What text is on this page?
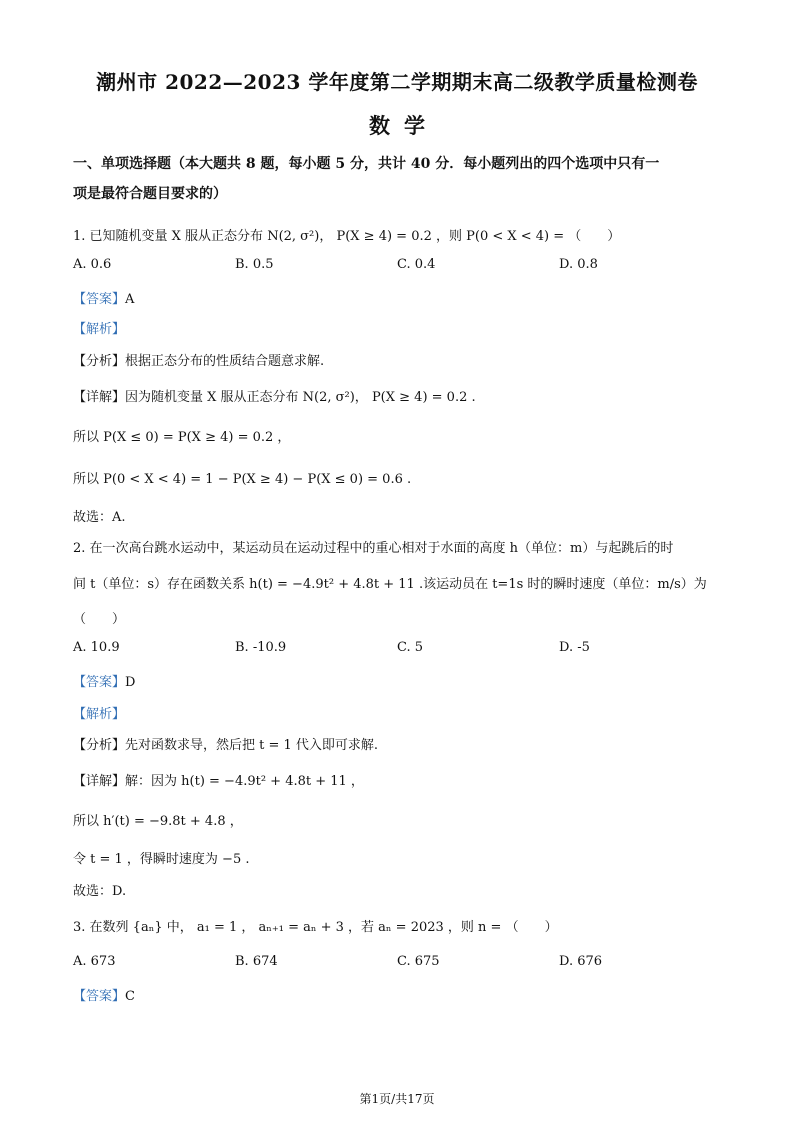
潮州市 2022—2023 学年度第二学期期末高二级教学质量检测卷
数学
一、单项选择题（本大题共 8 题，每小题 5 分，共计 40 分．每小题列出的四个选项中只有一
项是最符合题目要求的）
1. 已知随机变量 X 服从正态分布 N(2, σ²)， P(X ≥ 4) = 0.2 ，则 P(0 < X < 4) = （　　）
A. 0.6	B. 0.5	C. 0.4	D. 0.8
【答案】A
【解析】
【分析】根据正态分布的性质结合题意求解.
【详解】因为随机变量 X 服从正态分布 N(2, σ²)， P(X ≥ 4) = 0.2 .
所以 P(X ≤ 0) = P(X ≥ 4) = 0.2 ，
所以 P(0 < X < 4) = 1 − P(X ≥ 4) − P(X ≤ 0) = 0.6 .
故选：A.
2. 在一次高台跳水运动中，某运动员在运动过程中的重心相对于水面的高度 h（单位：m）与起跳后的时
间 t（单位：s）存在函数关系 h(t) = −4.9t² + 4.8t + 11 .该运动员在 t=1s 时的瞬时速度（单位：m/s）为
（　　）
A. 10.9	B. -10.9	C. 5	D. -5
【答案】D
【解析】
【分析】先对函数求导，然后把 t = 1 代入即可求解.
【详解】解：因为 h(t) = −4.9t² + 4.8t + 11 ，
所以 h′(t) = −9.8t + 4.8 ，
令 t = 1 ，得瞬时速度为 −5 .
故选：D.
3. 在数列 {aₙ} 中， a₁ = 1 ， aₙ₊₁ = aₙ + 3 ，若 aₙ = 2023 ，则 n = （　　）
A. 673	B. 674	C. 675	D. 676
【答案】C
第1页/共17页
